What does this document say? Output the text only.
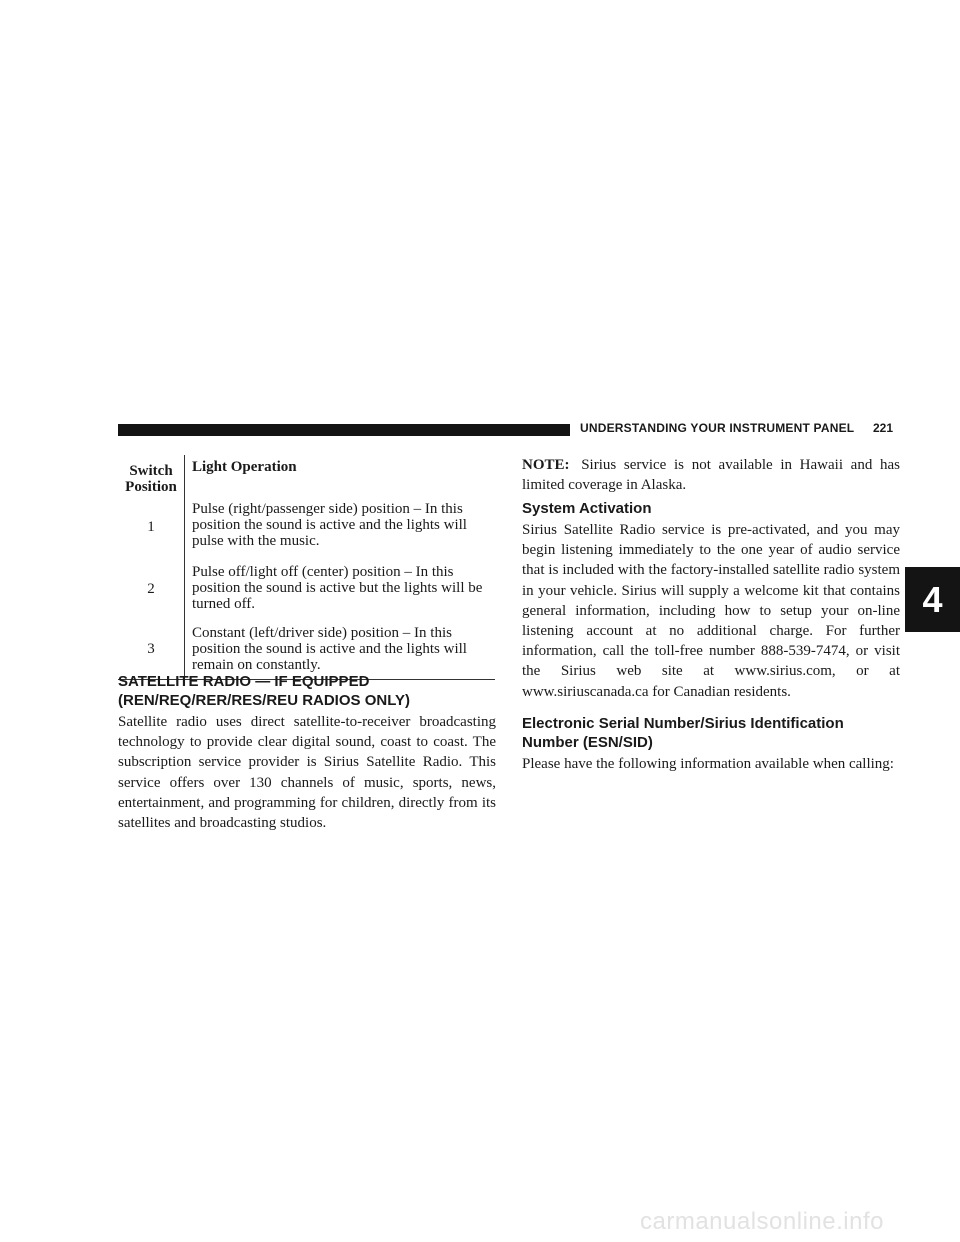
UNDERSTANDING YOUR INSTRUMENT PANEL 221
4
Switch
Position
Light Operation
1
Pulse (right/passenger side) position – In this position the sound is active and the lights will pulse with the music.
2
Pulse off/light off (center) position – In this position the sound is active but the lights will be turned off.
3
Constant (left/driver side) position – In this position the sound is active and the lights will remain on constantly.
SATELLITE RADIO — IF EQUIPPED
(REN/REQ/RER/RES/REU RADIOS ONLY)
Satellite radio uses direct satellite-to-receiver broadcasting technology to provide clear digital sound, coast to coast. The subscription service provider is Sirius Satellite Radio. This service offers over 130 channels of music, sports, news, entertainment, and programming for children, directly from its satellites and broadcasting studios.
NOTE: Sirius service is not available in Hawaii and has limited coverage in Alaska.
System Activation
Sirius Satellite Radio service is pre-activated, and you may begin listening immediately to the one year of audio service that is included with the factory-installed satellite radio system in your vehicle. Sirius will supply a welcome kit that contains general information, including how to setup your on-line listening account at no additional charge. For further information, call the toll-free number 888-539-7474, or visit the Sirius web site at www.sirius.com, or at www.siriuscanada.ca for Canadian residents.
Electronic Serial Number/Sirius Identification
Number (ESN/SID)
Please have the following information available when calling:
carmanualsonline.info
